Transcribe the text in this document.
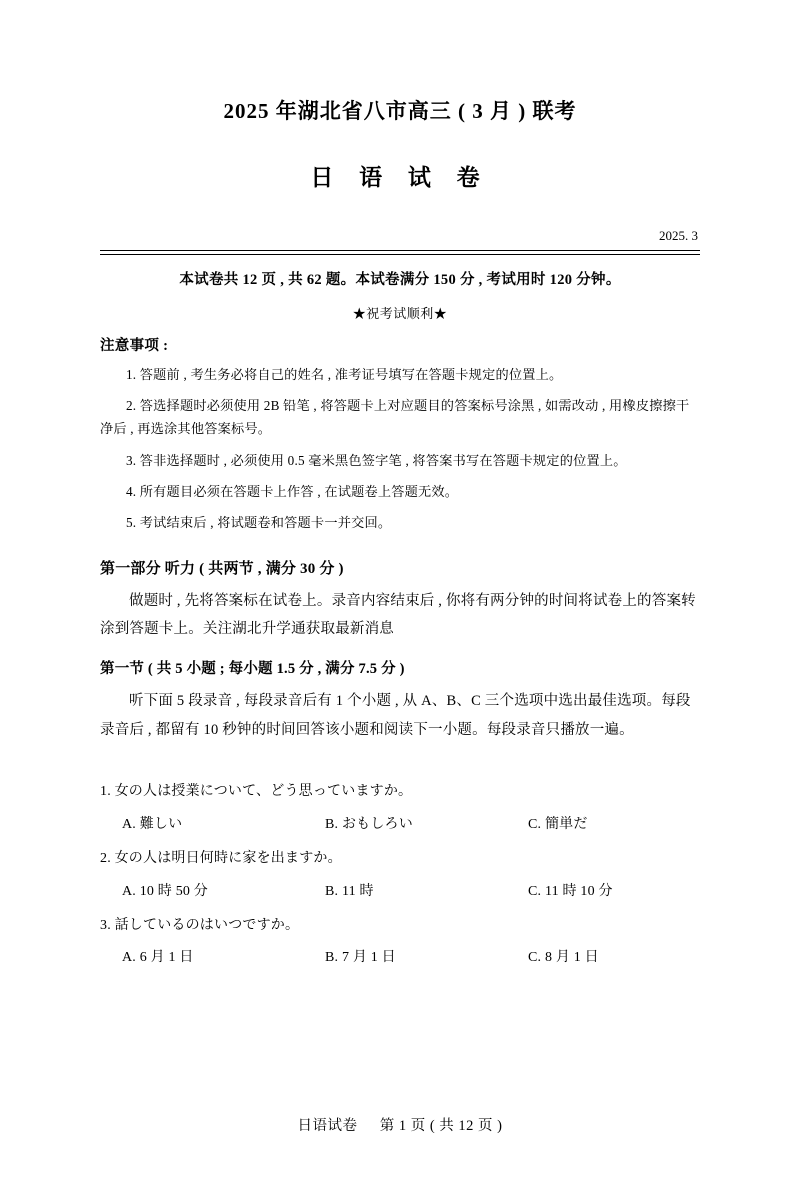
2025 年湖北省八市高三 ( 3 月 ) 联考
日 语 试 卷
2025. 3
本试卷共 12 页 , 共 62 题。本试卷满分 150 分 , 考试用时 120 分钟。
★祝考试顺利★
注意事项 :
1. 答题前 , 考生务必将自己的姓名 , 准考证号填写在答题卡规定的位置上。
2. 答选择题时必须使用 2B 铅笔 , 将答题卡上对应题目的答案标号涂黑 , 如需改动 , 用橡皮擦擦干净后 , 再选涂其他答案标号。
3. 答非选择题时 , 必须使用 0.5 毫米黑色签字笔 , 将答案书写在答题卡规定的位置上。
4. 所有题目必须在答题卡上作答 , 在试题卷上答题无效。
5. 考试结束后 , 将试题卷和答题卡一并交回。
第一部分 听力 ( 共两节 , 满分 30 分 )
做题时 , 先将答案标在试卷上。录音内容结束后 , 你将有两分钟的时间将试卷上的答案转涂到答题卡上。关注湖北升学通获取最新消息
第一节 ( 共 5 小题 ; 每小题 1.5 分 , 满分 7.5 分 )
听下面 5 段录音 , 每段录音后有 1 个小题 , 从 A、B、C 三个选项中选出最佳选项。每段录音后 , 都留有 10 秒钟的时间回答该小题和阅读下一小题。每段录音只播放一遍。
1. 女の人は授業について、どう思っていますか。
A. 難しい	B. おもしろい	C. 簡単だ
2. 女の人は明日何時に家を出ますか。
A. 10 時 50 分	B. 11 時	C. 11 時 10 分
3. 話しているのはいつですか。
A. 6 月 1 日	B. 7 月 1 日	C. 8 月 1 日
日语试卷 第 1 页 ( 共 12 页 )
